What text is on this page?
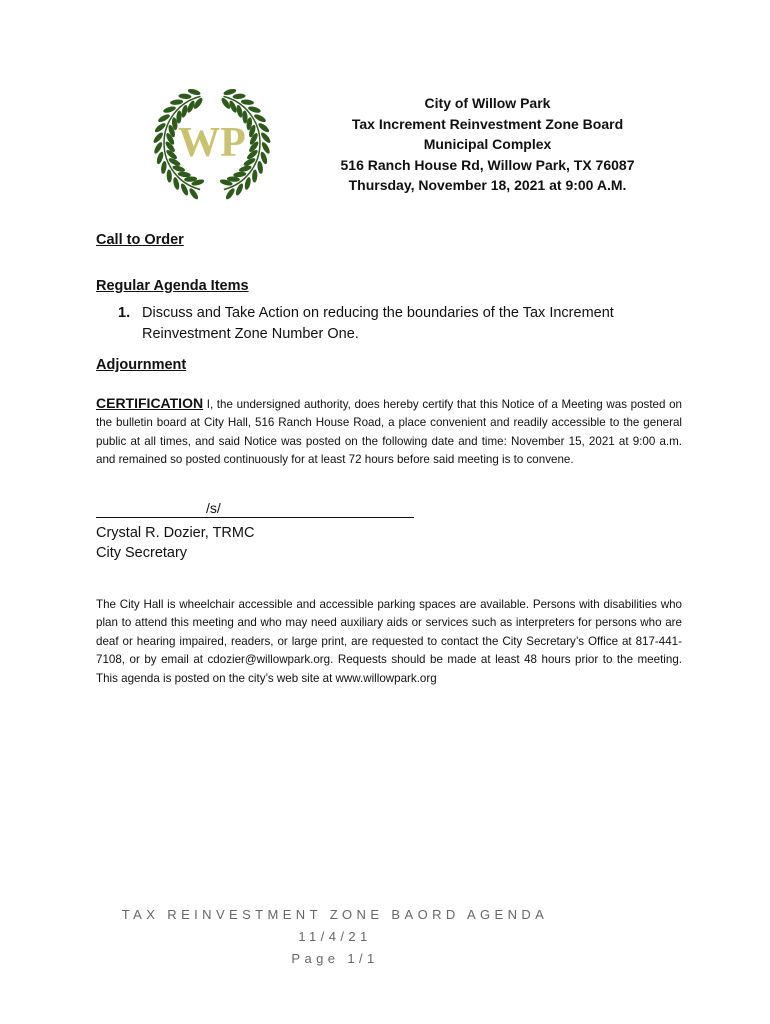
WP
City of Willow Park
Tax Increment Reinvestment Zone Board
Municipal Complex
516 Ranch House Rd, Willow Park, TX 76087
Thursday, November 18, 2021 at 9:00 A.M.
Call to Order
Regular Agenda Items
1. Discuss and Take Action on reducing the boundaries of the Tax Increment
Reinvestment Zone Number One.
Adjournment
CERTIFICATION I, the undersigned authority, does hereby certify that this Notice of a Meeting was posted on the bulletin board at City Hall, 516 Ranch House Road, a place convenient and readily accessible to the general public at all times, and said Notice was posted on the following date and time: November 15, 2021 at 9:00 a.m. and remained so posted continuously for at least 72 hours before said meeting is to convene.
/s/
Crystal R. Dozier, TRMC
City Secretary
The City Hall is wheelchair accessible and accessible parking spaces are available. Persons with disabilities who plan to attend this meeting and who may need auxiliary aids or services such as interpreters for persons who are deaf or hearing impaired, readers, or large print, are requested to contact the City Secretary’s Office at 817-441-7108, or by email at cdozier@willowpark.org. Requests should be made at least 48 hours prior to the meeting. This agenda is posted on the city’s web site at www.willowpark.org
TAX REINVESTMENT ZONE BAORD AGENDA 11/4/21
Page 1/1
